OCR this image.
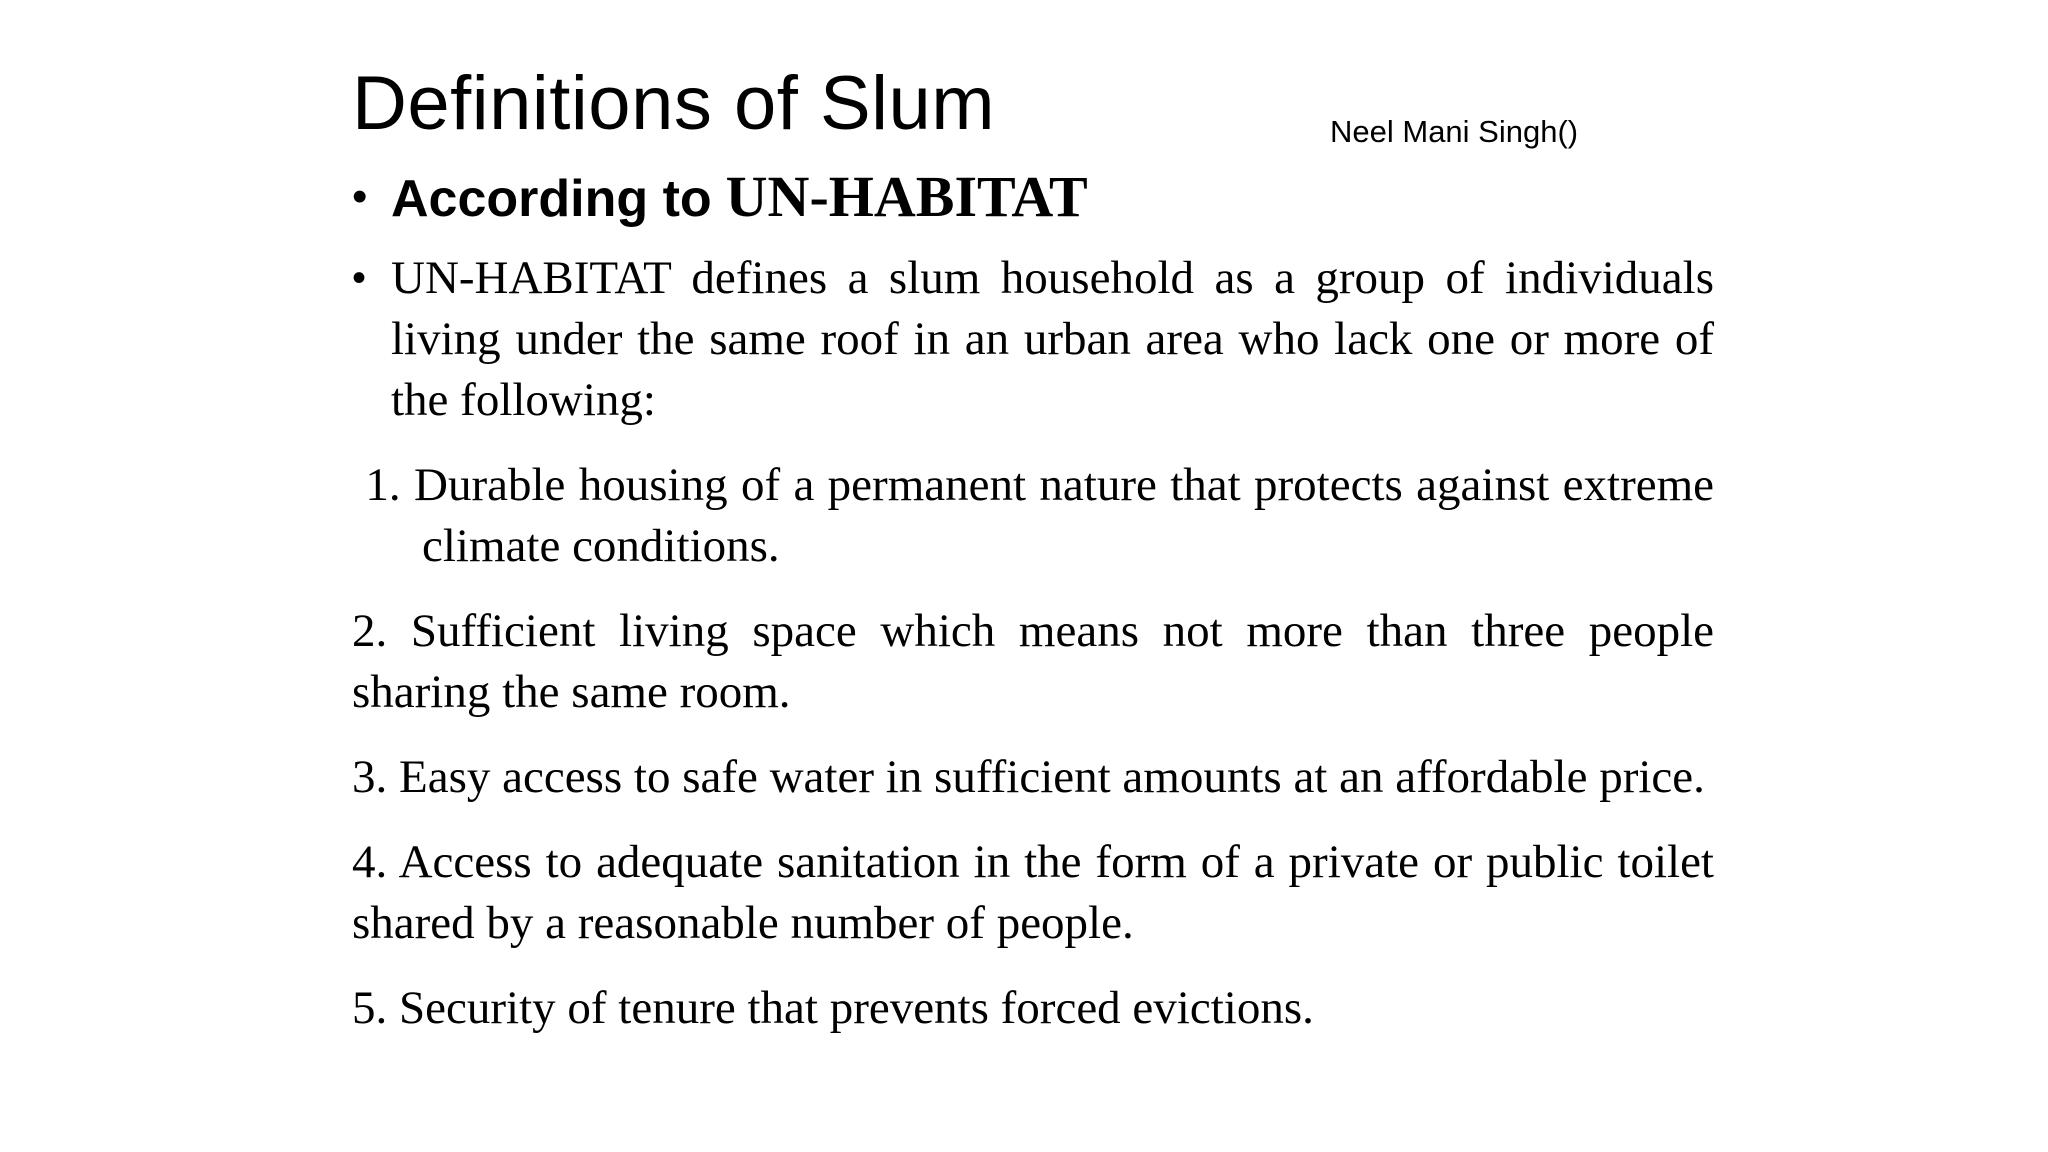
Definitions of Slum	Neel Mani Singh()
• According to UN-HABITAT
• UN-HABITAT defines a slum household as a group of individuals living under the same roof in an urban area who lack one or more of the following:

1. Durable housing of a permanent nature that protects against extremeclimate conditions.

2. Sufficient living space which means not more than three people sharing the same room.

3. Easy access to safe water in sufficient amounts at an affordable price.

4. Access to adequate sanitation in the form of a private or public toilet shared by a reasonable number of people.

5. Security of tenure that prevents forced evictions.
